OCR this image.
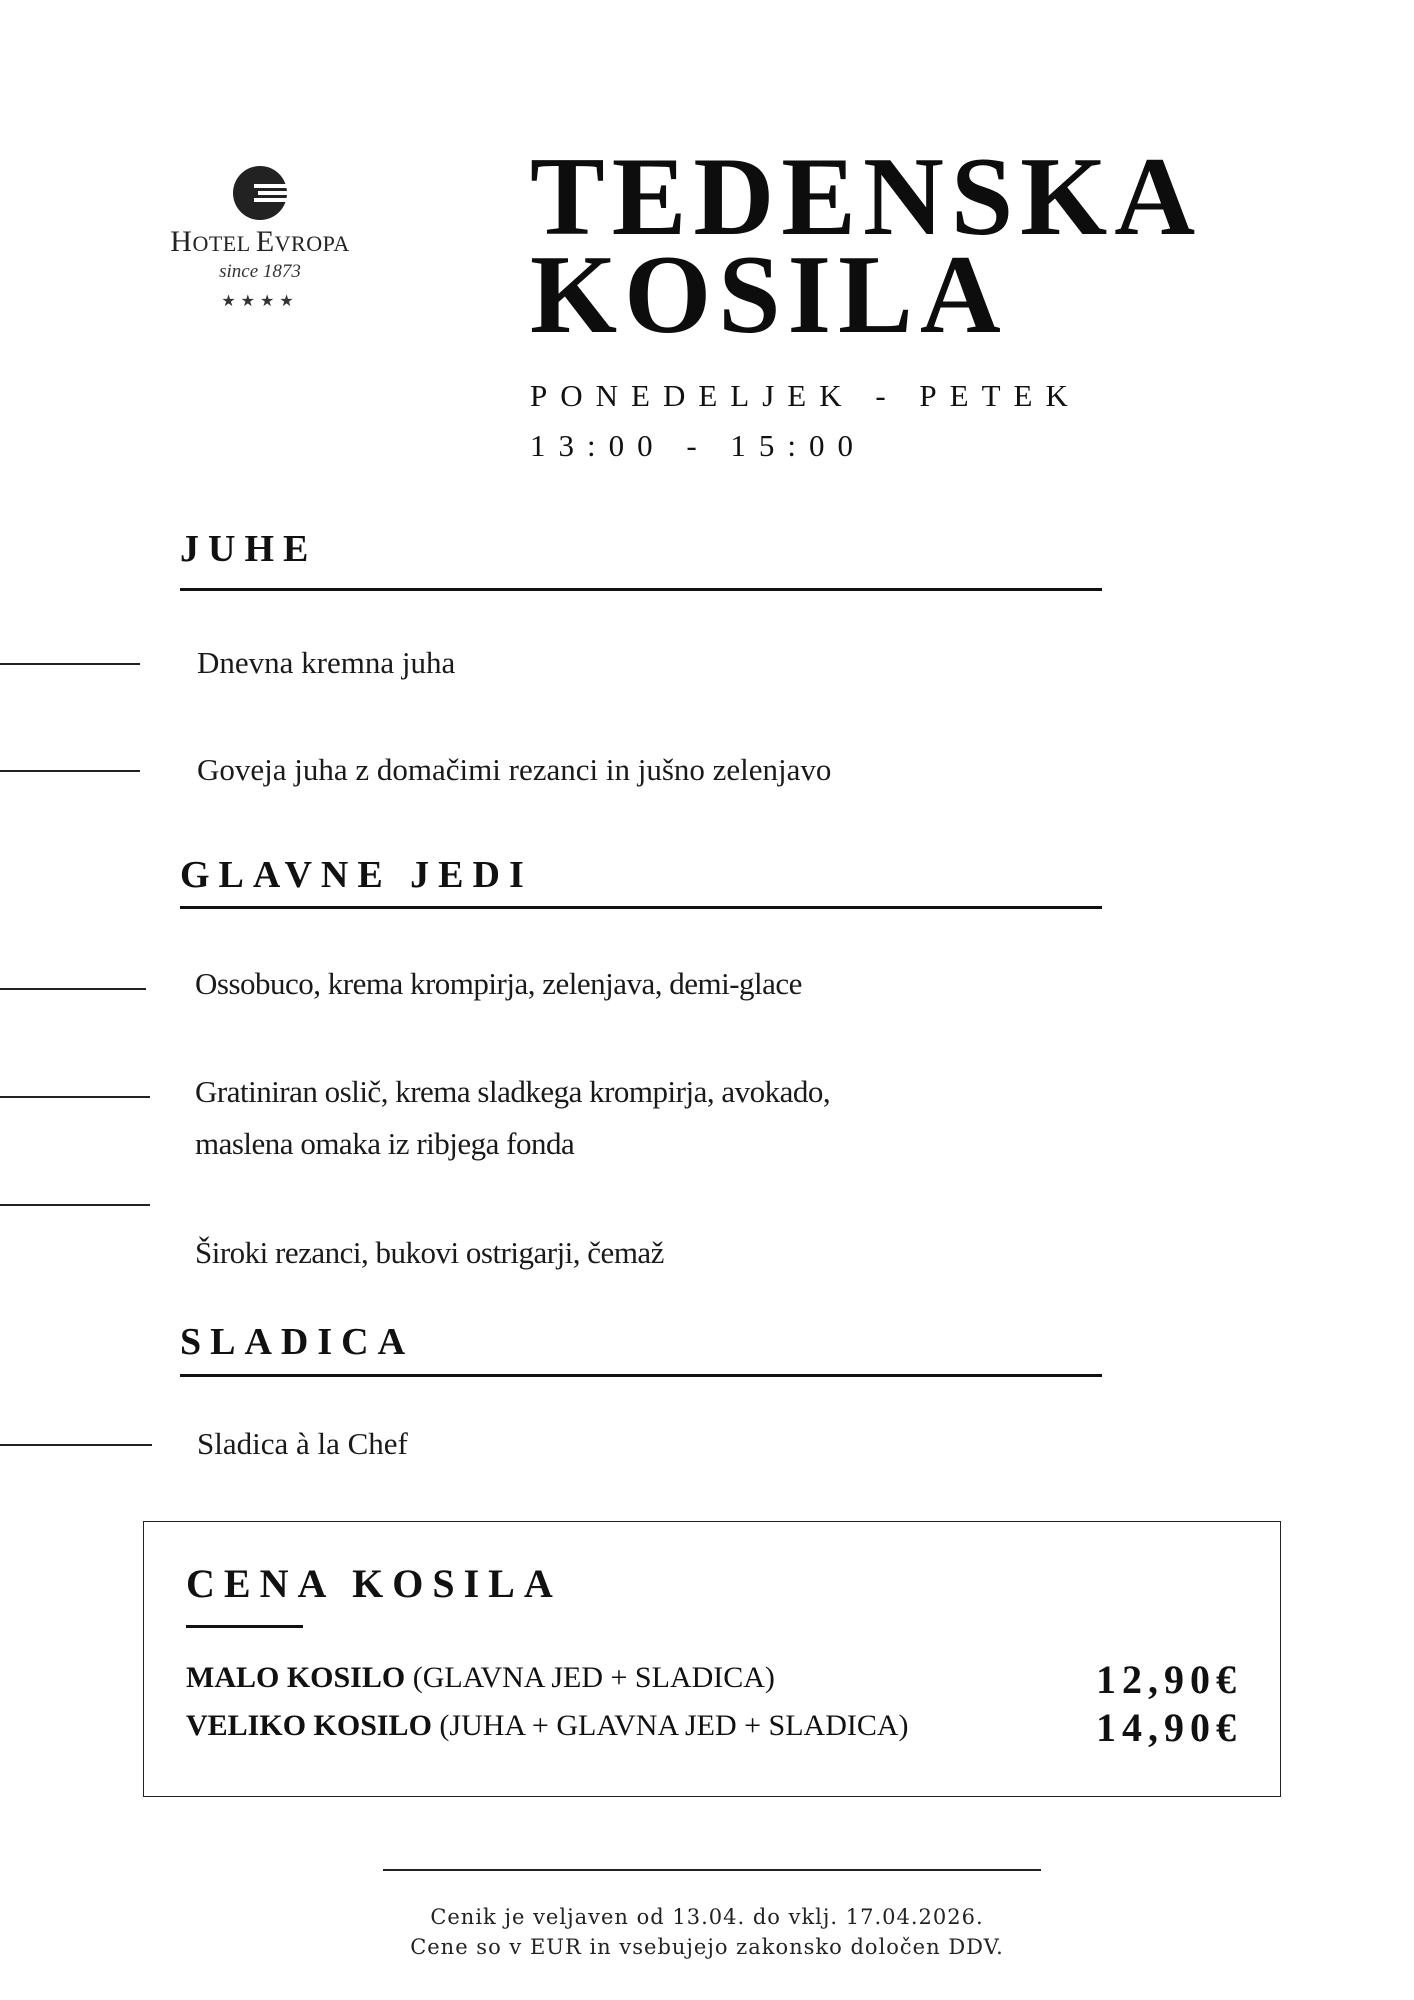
HOTEL EVROPA
since 1873
★★★★
TEDENSKA
KOSILA
PONEDELJEK - PETEK
13:00 - 15:00
JUHE
Dnevna kremna juha
Goveja juha z domačimi rezanci in jušno zelenjavo
GLAVNE JEDI
Ossobuco, krema krompirja, zelenjava, demi-glace
Gratiniran oslič, krema sladkega krompirja, avokado,
maslena omaka iz ribjega fonda
Široki rezanci, bukovi ostrigarji, čemaž
SLADICA
Sladica à la Chef
CENA KOSILA
MALO KOSILO (GLAVNA JED + SLADICA)	12,90€
VELIKO KOSILO (JUHA + GLAVNA JED + SLADICA)	14,90€
Cenik je veljaven od 13.04. do vklj. 17.04.2026.
Cene so v EUR in vsebujejo zakonsko določen DDV.
